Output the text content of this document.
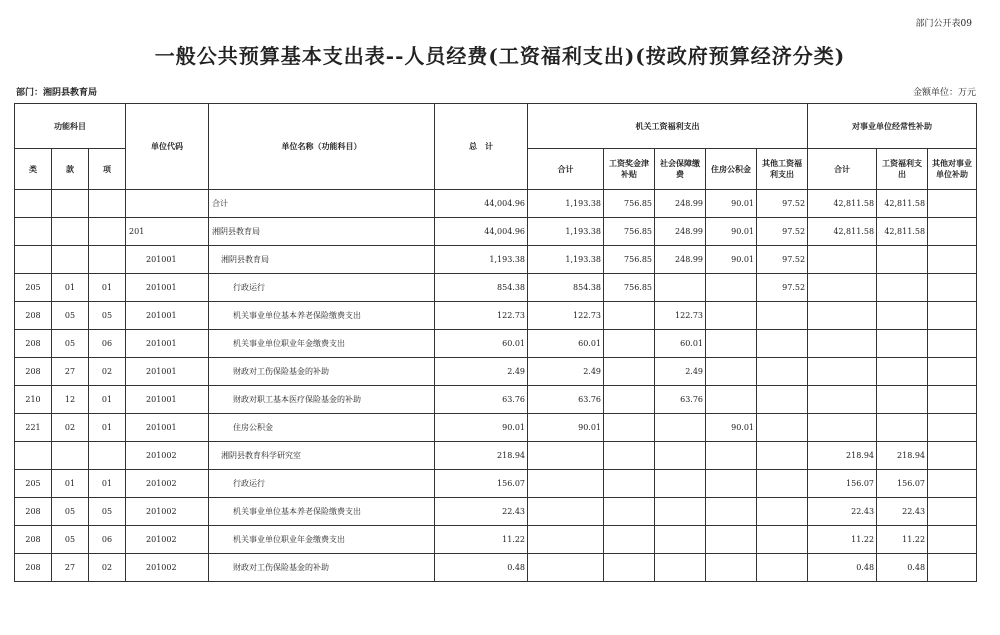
部门公开表09
一般公共预算基本支出表--人员经费(工资福利支出)(按政府预算经济分类)
部门：湘阴县教育局	金额单位：万元
功能科目			单位代码	单位名称（功能科目）	总　计	机关工资福利支出					对事业单位经常性补助		
类	款	项				合计	工资奖金津补贴	社会保障缴费	住房公积金	其他工资福利支出	合计	工资福利支出	其他对事业单位补助
				合计	44,004.96	1,193.38	756.85	248.99	90.01	97.52	42,811.58	42,811.58	
			201	湘阴县教育局	44,004.96	1,193.38	756.85	248.99	90.01	97.52	42,811.58	42,811.58	
			201001	湘阴县教育局	1,193.38	1,193.38	756.85	248.99	90.01	97.52			
205	01	01	201001	行政运行	854.38	854.38	756.85			97.52			
208	05	05	201001	机关事业单位基本养老保险缴费支出	122.73	122.73		122.73					
208	05	06	201001	机关事业单位职业年金缴费支出	60.01	60.01		60.01					
208	27	02	201001	财政对工伤保险基金的补助	2.49	2.49		2.49					
210	12	01	201001	财政对职工基本医疗保险基金的补助	63.76	63.76		63.76					
221	02	01	201001	住房公积金	90.01	90.01			90.01				
			201002	湘阴县教育科学研究室	218.94						218.94	218.94	
205	01	01	201002	行政运行	156.07						156.07	156.07	
208	05	05	201002	机关事业单位基本养老保险缴费支出	22.43						22.43	22.43	
208	05	06	201002	机关事业单位职业年金缴费支出	11.22						11.22	11.22	
208	27	02	201002	财政对工伤保险基金的补助	0.48						0.48	0.48	
